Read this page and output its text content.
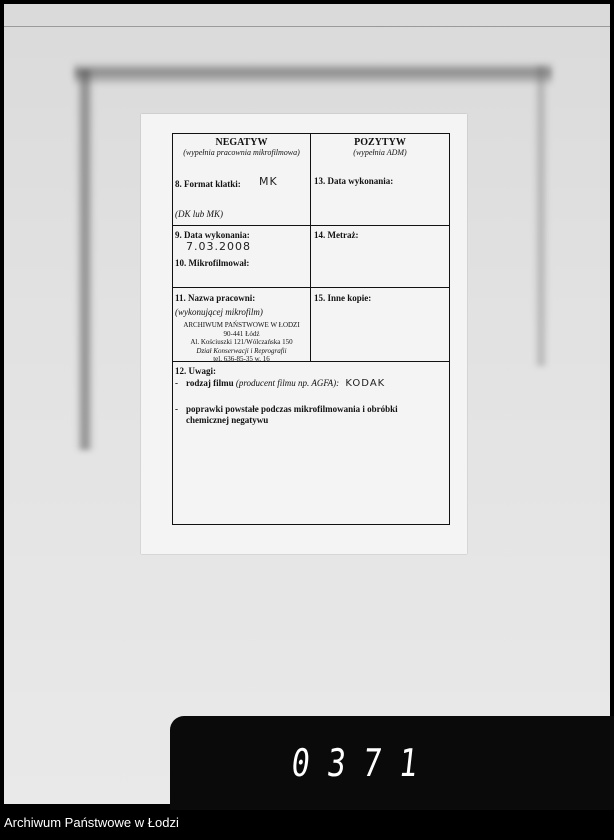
NEGATYW
(wypełnia pracownia mikrofilmowa)
POZYTYW
(wypełnia ADM)
8. Format klatki:	MK
(DK lub MK)
13. Data wykonania:
9. Data wykonania:
7.03.2008
10. Mikrofilmował:
14. Metraż:
11. Nazwa pracowni:
(wykonującej mikrofilm)
ARCHIWUM PAŃSTWOWE W ŁODZI
90-441 Łódź
Al. Kościuszki 121/Wólczańska 150
Dział Konserwacji i Reprografii
tel. 636-85-35 w. 16
15. Inne kopie:
12. Uwagi:
- rodzaj filmu (producent filmu np. AGFA): KODAK
- poprawki powstałe podczas mikrofilmowania i obróbki chemicznej negatywu
0371
Archiwum Państwowe w Łodzi
